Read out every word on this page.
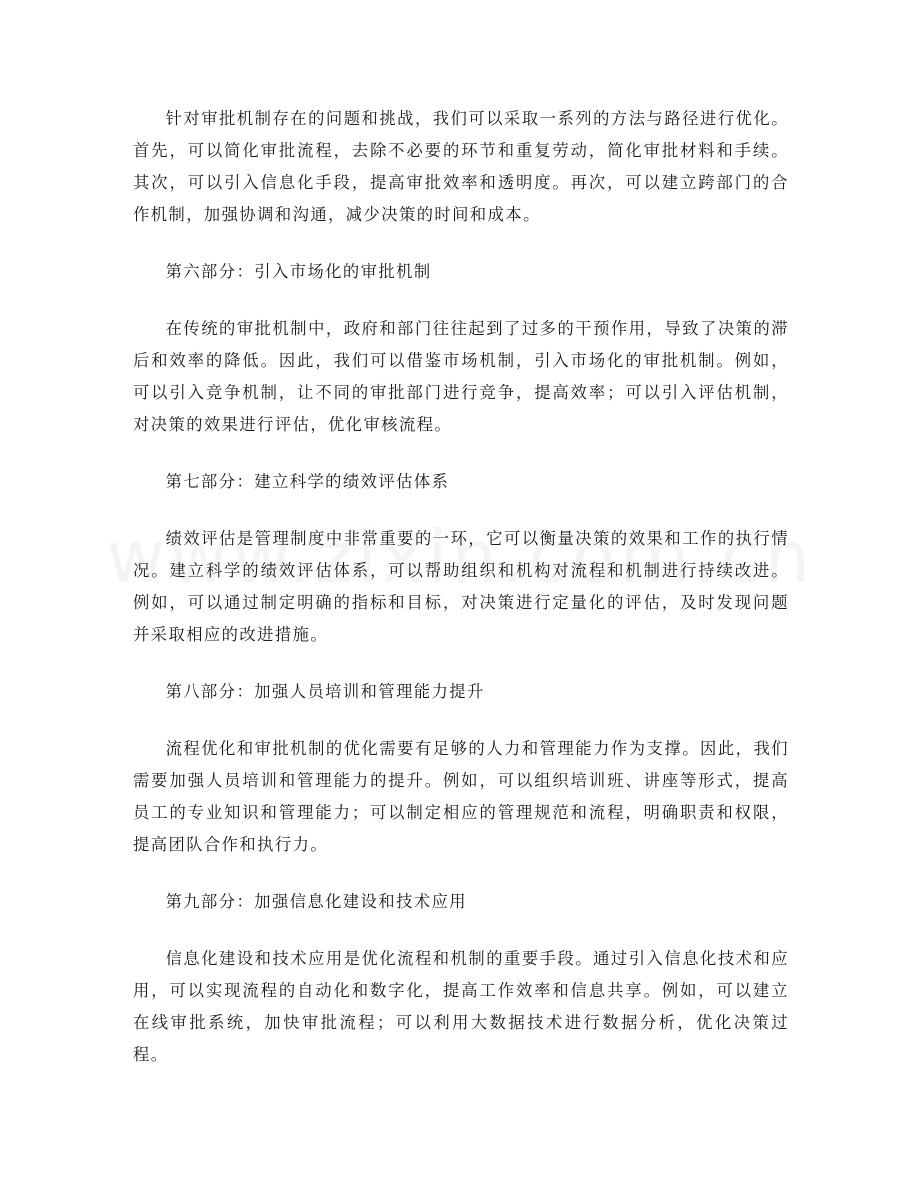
针对审批机制存在的问题和挑战，我们可以采取一系列的方法与路径进行优化。首先，可以简化审批流程，去除不必要的环节和重复劳动，简化审批材料和手续。其次，可以引入信息化手段，提高审批效率和透明度。再次，可以建立跨部门的合作机制，加强协调和沟通，减少决策的时间和成本。

第六部分：引入市场化的审批机制

在传统的审批机制中，政府和部门往往起到了过多的干预作用，导致了决策的滞后和效率的降低。因此，我们可以借鉴市场机制，引入市场化的审批机制。例如，可以引入竞争机制，让不同的审批部门进行竞争，提高效率；可以引入评估机制，对决策的效果进行评估，优化审核流程。

第七部分：建立科学的绩效评估体系

绩效评估是管理制度中非常重要的一环，它可以衡量决策的效果和工作的执行情况。建立科学的绩效评估体系，可以帮助组织和机构对流程和机制进行持续改进。例如，可以通过制定明确的指标和目标，对决策进行定量化的评估，及时发现问题并采取相应的改进措施。

第八部分：加强人员培训和管理能力提升

流程优化和审批机制的优化需要有足够的人力和管理能力作为支撑。因此，我们需要加强人员培训和管理能力的提升。例如，可以组织培训班、讲座等形式，提高员工的专业知识和管理能力；可以制定相应的管理规范和流程，明确职责和权限，提高团队合作和执行力。

第九部分：加强信息化建设和技术应用

信息化建设和技术应用是优化流程和机制的重要手段。通过引入信息化技术和应用，可以实现流程的自动化和数字化，提高工作效率和信息共享。例如，可以建立在线审批系统，加快审批流程；可以利用大数据技术进行数据分析，优化决策过程。
